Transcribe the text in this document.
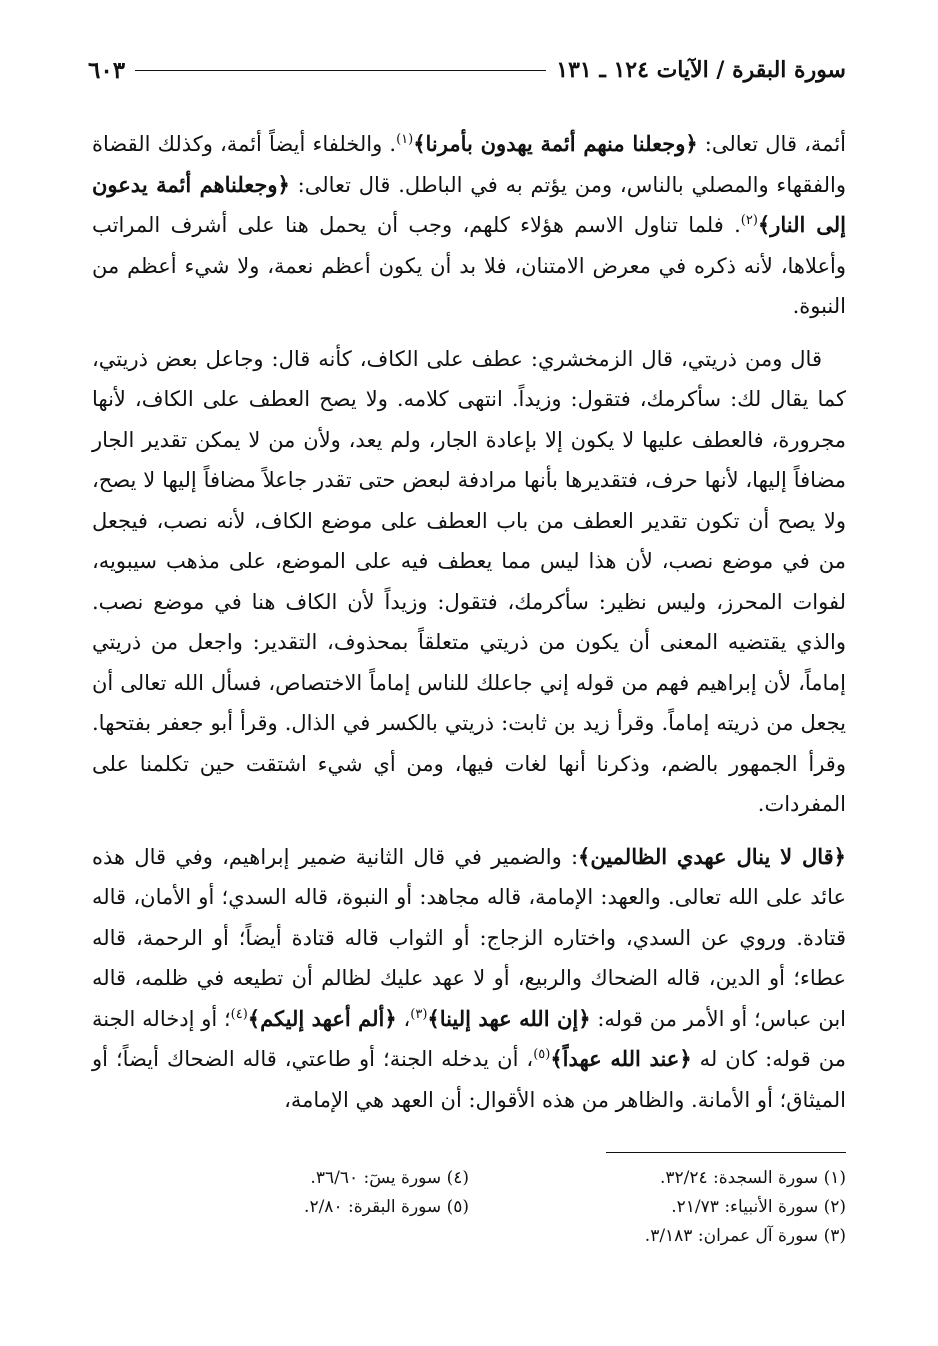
سورة البقرة / الآيات ١٢٤ ـ ١٣١
٦٠٣

أئمة، قال تعالى: ﴿وجعلنا منهم أئمة يهدون بأمرنا﴾$^{(١)}$. والخلفاء أيضاً أئمة، وكذلك القضاة والفقهاء والمصلي بالناس، ومن يؤتم به في الباطل. قال تعالى: ﴿وجعلناهم أئمة يدعون إلى النار﴾$^{(٢)}$. فلما تناول الاسم هؤلاء كلهم، وجب أن يحمل هنا على أشرف المراتب وأعلاها، لأنه ذكره في معرض الامتنان، فلا بد أن يكون أعظم نعمة، ولا شيء أعظم من النبوة.

قال ومن ذريتي، قال الزمخشري: عطف على الكاف، كأنه قال: وجاعل بعض ذريتي، كما يقال لك: سأكرمك، فتقول: وزيداً. انتهى كلامه. ولا يصح العطف على الكاف، لأنها مجرورة، فالعطف عليها لا يكون إلا بإعادة الجار، ولم يعد، ولأن من لا يمكن تقدير الجار مضافاً إليها، لأنها حرف، فتقديرها بأنها مرادفة لبعض حتى تقدر جاعلاً مضافاً إليها لا يصح، ولا يصح أن تكون تقدير العطف من باب العطف على موضع الكاف، لأنه نصب، فيجعل من في موضع نصب، لأن هذا ليس مما يعطف فيه على الموضع، على مذهب سيبويه، لفوات المحرز، وليس نظير: سأكرمك، فتقول: وزيداً لأن الكاف هنا في موضع نصب. والذي يقتضيه المعنى أن يكون من ذريتي متعلقاً بمحذوف، التقدير: واجعل من ذريتي إماماً، لأن إبراهيم فهم من قوله إني جاعلك للناس إماماً الاختصاص، فسأل الله تعالى أن يجعل من ذريته إماماً. وقرأ زيد بن ثابت: ذريتي بالكسر في الذال. وقرأ أبو جعفر بفتحها. وقرأ الجمهور بالضم، وذكرنا أنها لغات فيها، ومن أي شيء اشتقت حين تكلمنا على المفردات.

﴿قال لا ينال عهدي الظالمين﴾: والضمير في قال الثانية ضمير إبراهيم، وفي قال هذه عائد على الله تعالى. والعهد: الإمامة، قاله مجاهد: أو النبوة، قاله السدي؛ أو الأمان، قاله قتادة. وروي عن السدي، واختاره الزجاج: أو الثواب قاله قتادة أيضاً؛ أو الرحمة، قاله عطاء؛ أو الدين، قاله الضحاك والربيع، أو لا عهد عليك لظالم أن تطيعه في ظلمه، قاله ابن عباس؛ أو الأمر من قوله: ﴿إن الله عهد إلينا﴾$^{(٣)}$، ﴿ألم أعهد إليكم﴾$^{(٤)}$؛ أو إدخاله الجنة من قوله: كان له ﴿عند الله عهداً﴾$^{(٥)}$، أن يدخله الجنة؛ أو طاعتي، قاله الضحاك أيضاً؛ أو الميثاق؛ أو الأمانة. والظاهر من هذه الأقوال: أن العهد هي الإمامة،

(١) سورة السجدة: ٣٢/٢٤.
(٢) سورة الأنبياء: ٢١/٧٣.
(٣) سورة آل عمران: ٣/١٨٣.
(٤) سورة يسٓ: ٣٦/٦٠.
(٥) سورة البقرة: ٢/٨٠.
